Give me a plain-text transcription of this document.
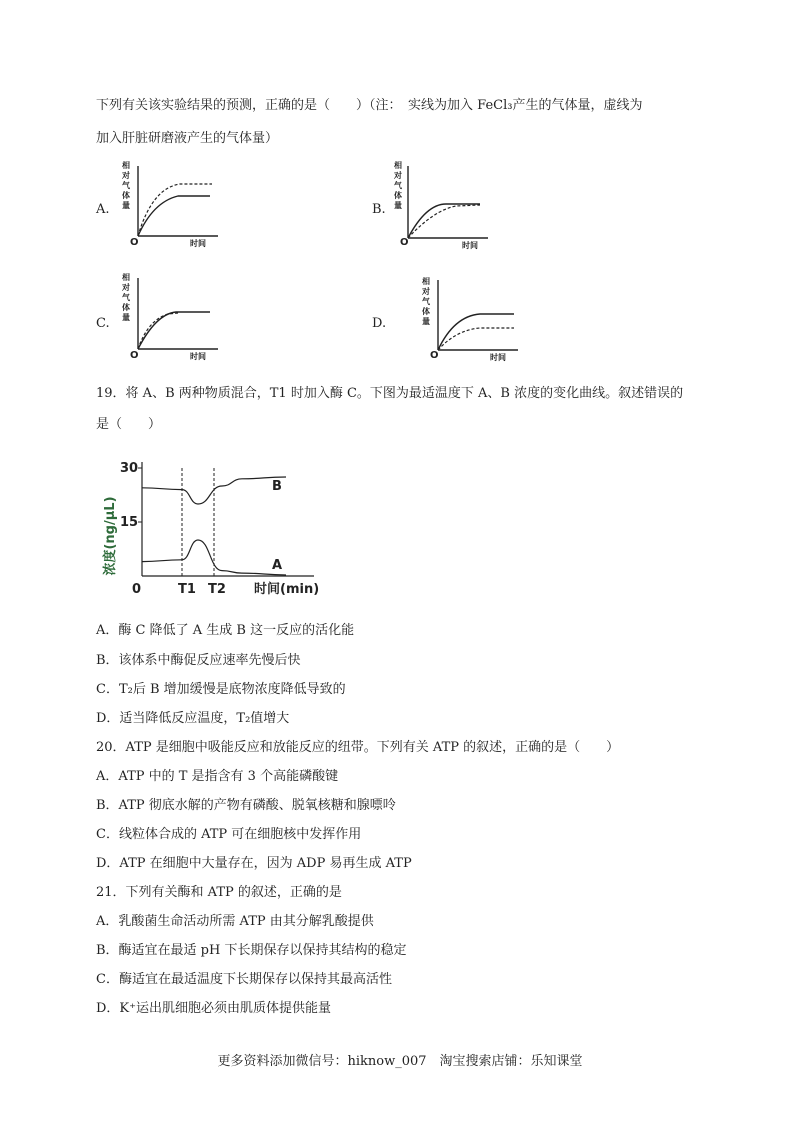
下列有关该实验结果的预测，正确的是（　　）（注：　实线为加入 FeCl₃产生的气体量，虚线为
加入肝脏研磨液产生的气体量）
A.	B.
C.	D.
相
对
气
体
量
O	时间
相
对
气
体
量
O	时间
相
对
气
体
量
O	时间
相
对
气
体
量
O	时间
19．将 A、B 两种物质混合，T1 时加入酶 C。下图为最适温度下 A、B 浓度的变化曲线。叙述错误的
是（　　）
浓度(ng/μL)
30
15
0	T1 T2 时间(min)
B
A
A．酶 C 降低了 A 生成 B 这一反应的活化能
B．该体系中酶促反应速率先慢后快
C．T₂后 B 增加缓慢是底物浓度降低导致的
D．适当降低反应温度，T₂值增大
20．ATP 是细胞中吸能反应和放能反应的纽带。下列有关 ATP 的叙述，正确的是（　　）
A．ATP 中的 T 是指含有 3 个高能磷酸键
B．ATP 彻底水解的产物有磷酸、脱氧核糖和腺嘌呤
C．线粒体合成的 ATP 可在细胞核中发挥作用
D．ATP 在细胞中大量存在，因为 ADP 易再生成 ATP
21．下列有关酶和 ATP 的叙述，正确的是
A．乳酸菌生命活动所需 ATP 由其分解乳酸提供
B．酶适宜在最适 pH 下长期保存以保持其结构的稳定
C．酶适宜在最适温度下长期保存以保持其最高活性
D．K⁺运出肌细胞必须由肌质体提供能量
更多资料添加微信号：hiknow_007　淘宝搜索店铺：乐知课堂
